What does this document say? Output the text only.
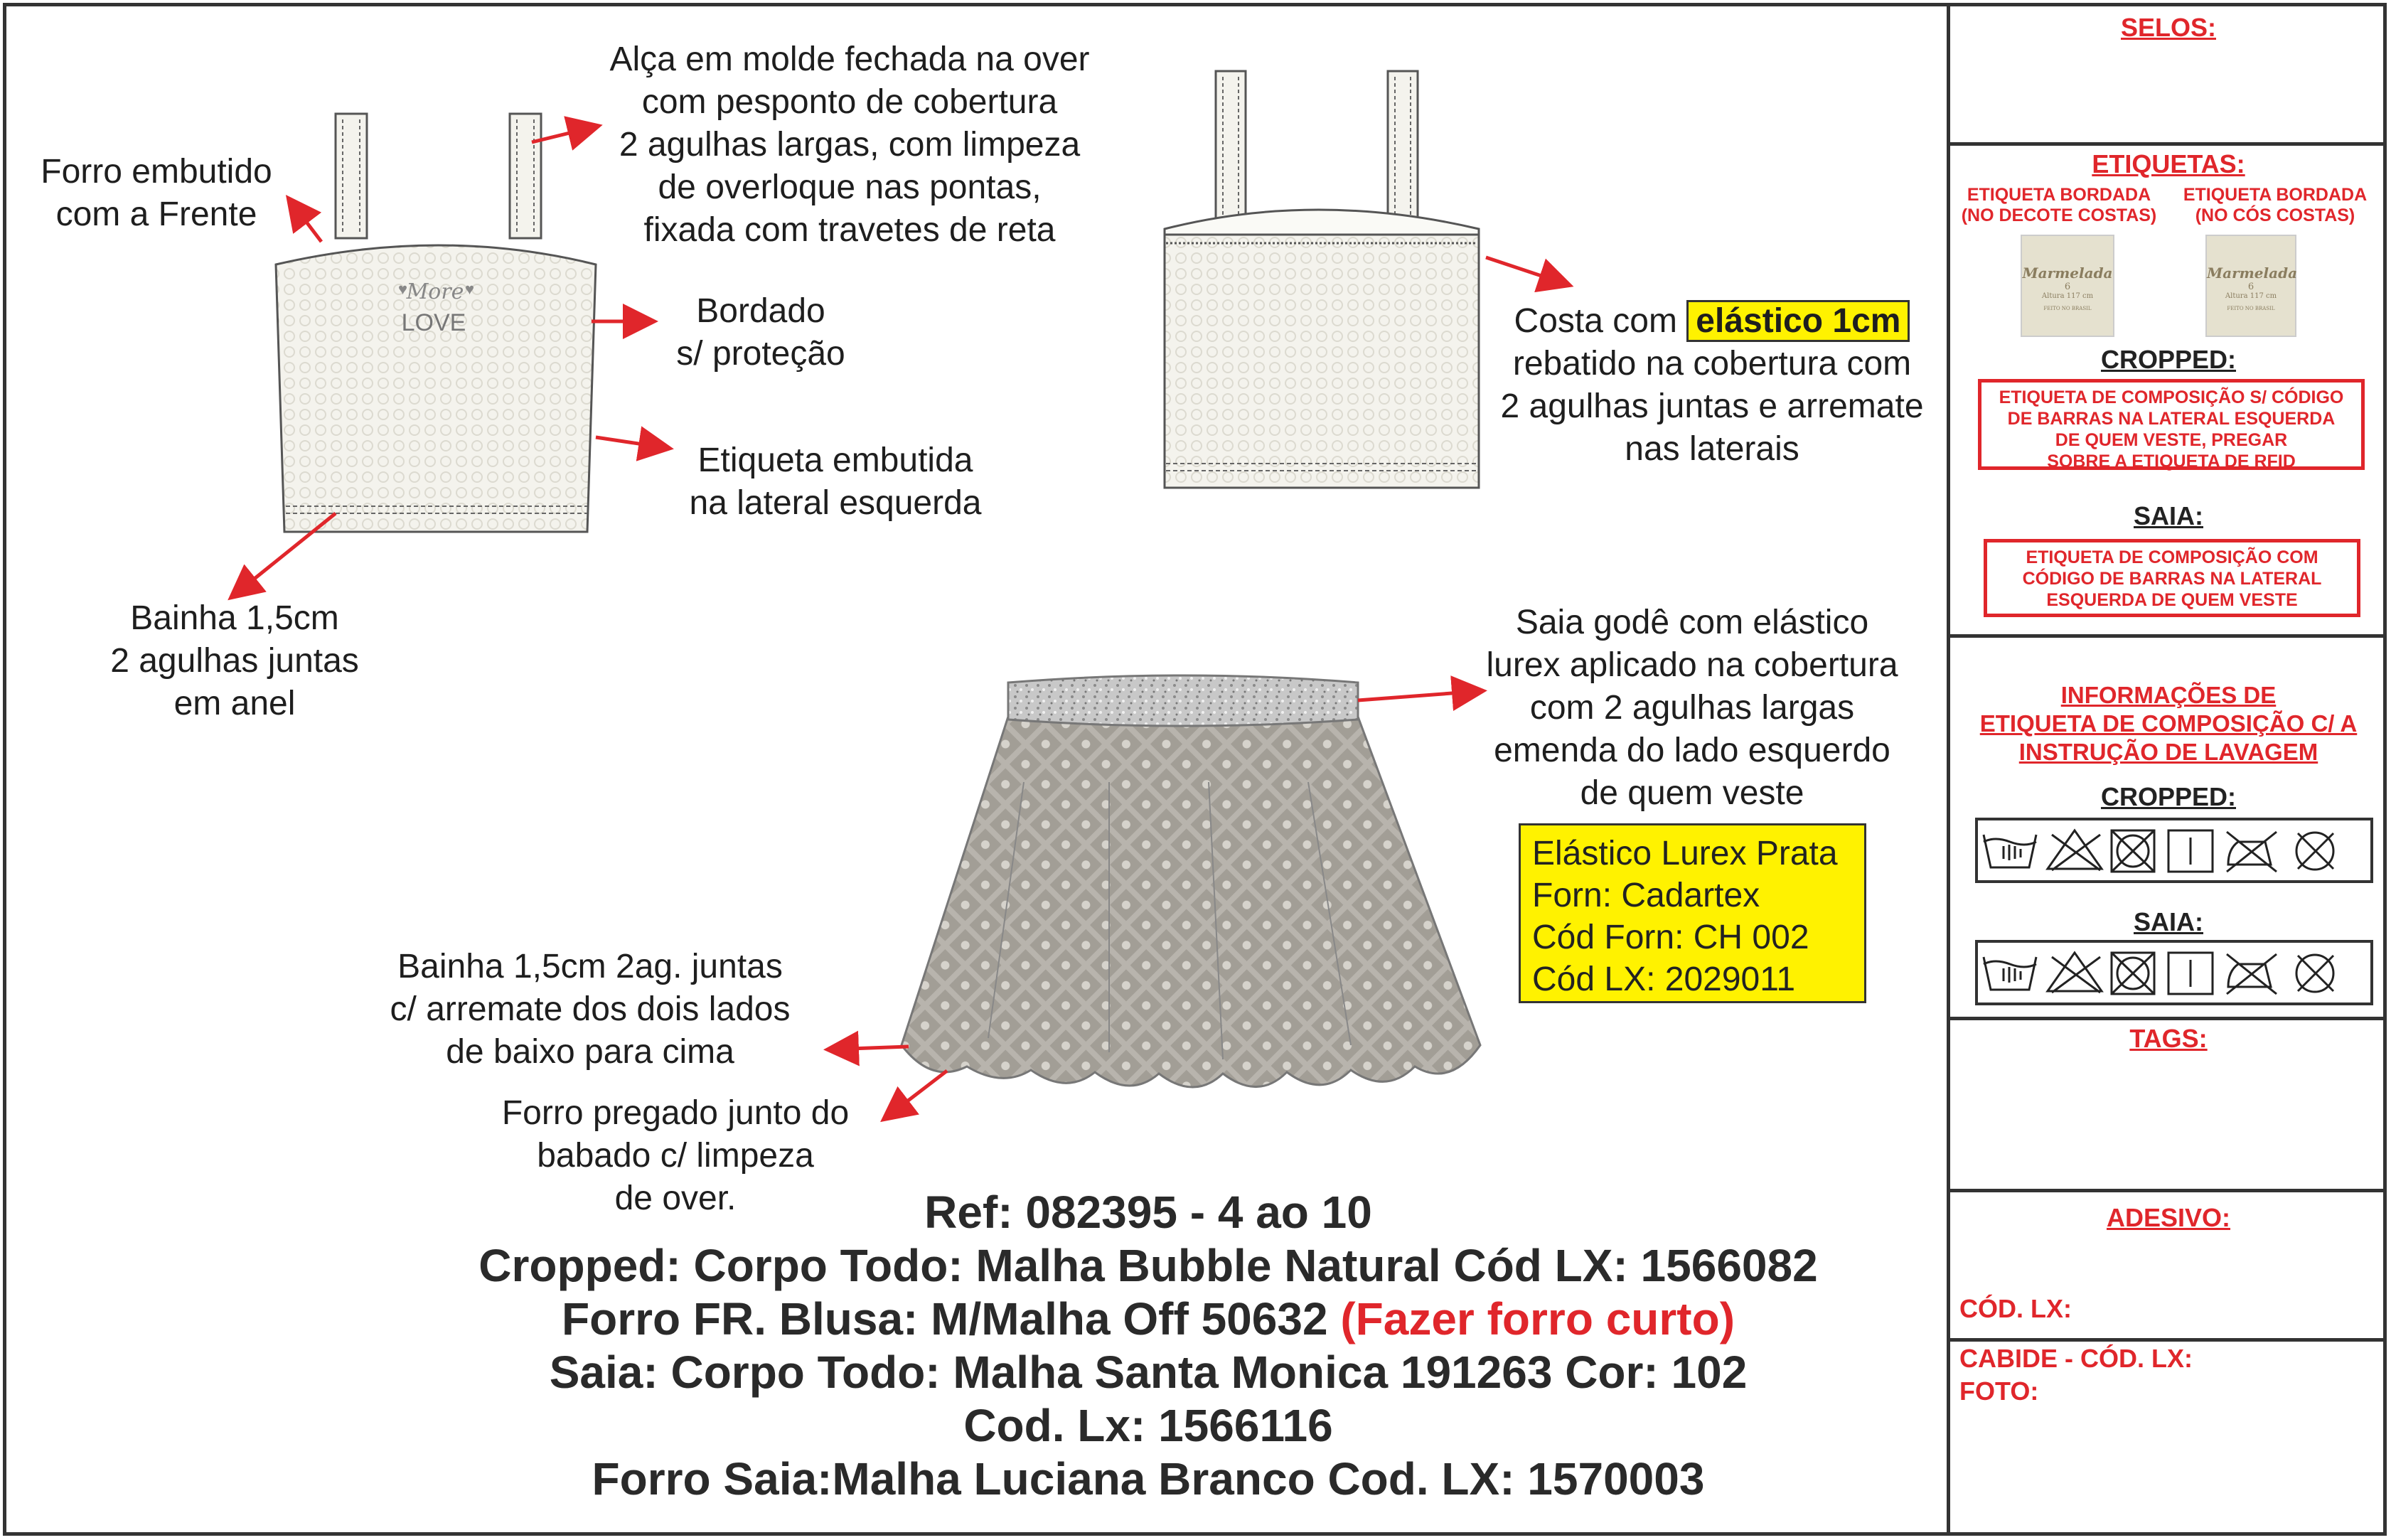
More
♥	♥
LOVE
Forro embutido
com a Frente
Alça em molde fechada na over
com pesponto de cobertura
2 agulhas largas, com limpeza
de overloque nas pontas,
fixada com travetes de reta
Bordado
s/ proteção
Etiqueta embutida
na lateral esquerda
Bainha 1,5cm
2 agulhas juntas
em anel
Costa com elástico 1cm
rebatido na cobertura com
2 agulhas juntas e arremate
nas laterais
Saia godê com elástico
lurex aplicado na cobertura
com 2 agulhas largas
emenda do lado esquerdo
de quem veste
Elástico Lurex Prata
Forn: Cadartex
Cód Forn: CH 002
Cód LX: 2029011
Bainha 1,5cm 2ag. juntas
c/ arremate dos dois lados
de baixo para cima
Forro pregado junto do
babado c/ limpeza
de over.	Ref: 082395 - 4 ao 10
Cropped: Corpo Todo: Malha Bubble Natural Cód LX: 1566082
Forro FR. Blusa: M/Malha Off 50632 (Fazer forro curto)
Saia: Corpo Todo: Malha Santa Monica 191263 Cor: 102
Cod. Lx: 1566116
Forro Saia:Malha Luciana Branco Cod. LX: 1570003
SELOS:
ETIQUETAS:
ETIQUETA BORDADA
(NO DECOTE COSTAS)
ETIQUETA BORDADA
(NO CÓS COSTAS)
Marmelada
6
Altura 117 cm
FEITO NO BRASIL
Marmelada
6
Altura 117 cm
FEITO NO BRASIL
CROPPED:
ETIQUETA DE COMPOSIÇÃO S/ CÓDIGO
DE BARRAS NA LATERAL ESQUERDA
DE QUEM VESTE, PREGAR
SOBRE A ETIQUETA DE RFID
SAIA:
ETIQUETA DE COMPOSIÇÃO COM
CÓDIGO DE BARRAS NA LATERAL
ESQUERDA DE QUEM VESTE
INFORMAÇÕES DE
ETIQUETA DE COMPOSIÇÃO C/ A
INSTRUÇÃO DE LAVAGEM
CROPPED:
SAIA:
TAGS:
ADESIVO:
CÓD. LX:
CABIDE - CÓD. LX:
FOTO:
